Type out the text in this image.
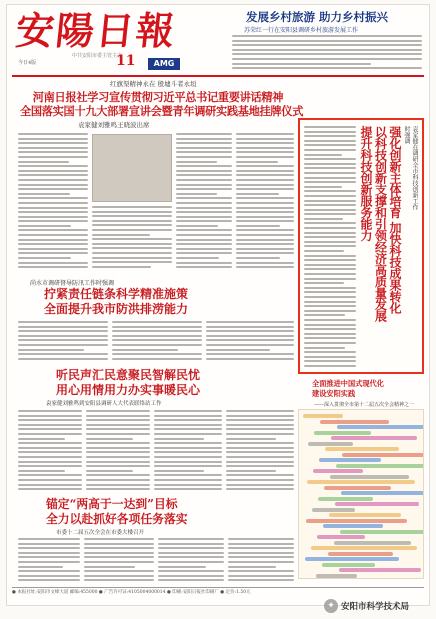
安陽日報
中共安阳市委主管主办
今日4版	11	AMG
发展乡村旅游 助力乡村振兴
苏荣红一行在安阳县调研乡村旅游发展工作
红旗渠精神永在 殷墟斗者永垣
河南日报社学习宣传贯彻习近平总书记重要讲话精神
全国落实国十九大部署宣讲会暨青年调研实践基地挂牌仪式
袁家健刘雅鸣王晓波出席
尚水市调研督导防汛工作时强调
拧紧责任链条科学精准施策
全面提升我市防洪排涝能力
听民声汇民意聚民智解民忧
用心用情用力办实事暖民心
袁家健刘雅鸣到安阳县调研人大代表联络站工作
锚定“两高于一达到”目标
全力以赴抓好各项任务落实
市委十二届五次全会在市委大楼召开
袁家健在调研全市科技创新工作时强调
强化创新主体培育 加快科技成果转化
以科技创新支撑和引领经济高质量发展
提升科技创新服务能力
全面推进中国式现代化
建设安阳实践
——深入贯彻全市第十二届五次全会精神之一
● 本报社址:安阳市文峰大道 邮编:455000 ● 广告许可证:4105004000014 ● 印刷:安阳日报社印刷厂 ● 定价:1.50元
✦ 安阳市科学技术局
